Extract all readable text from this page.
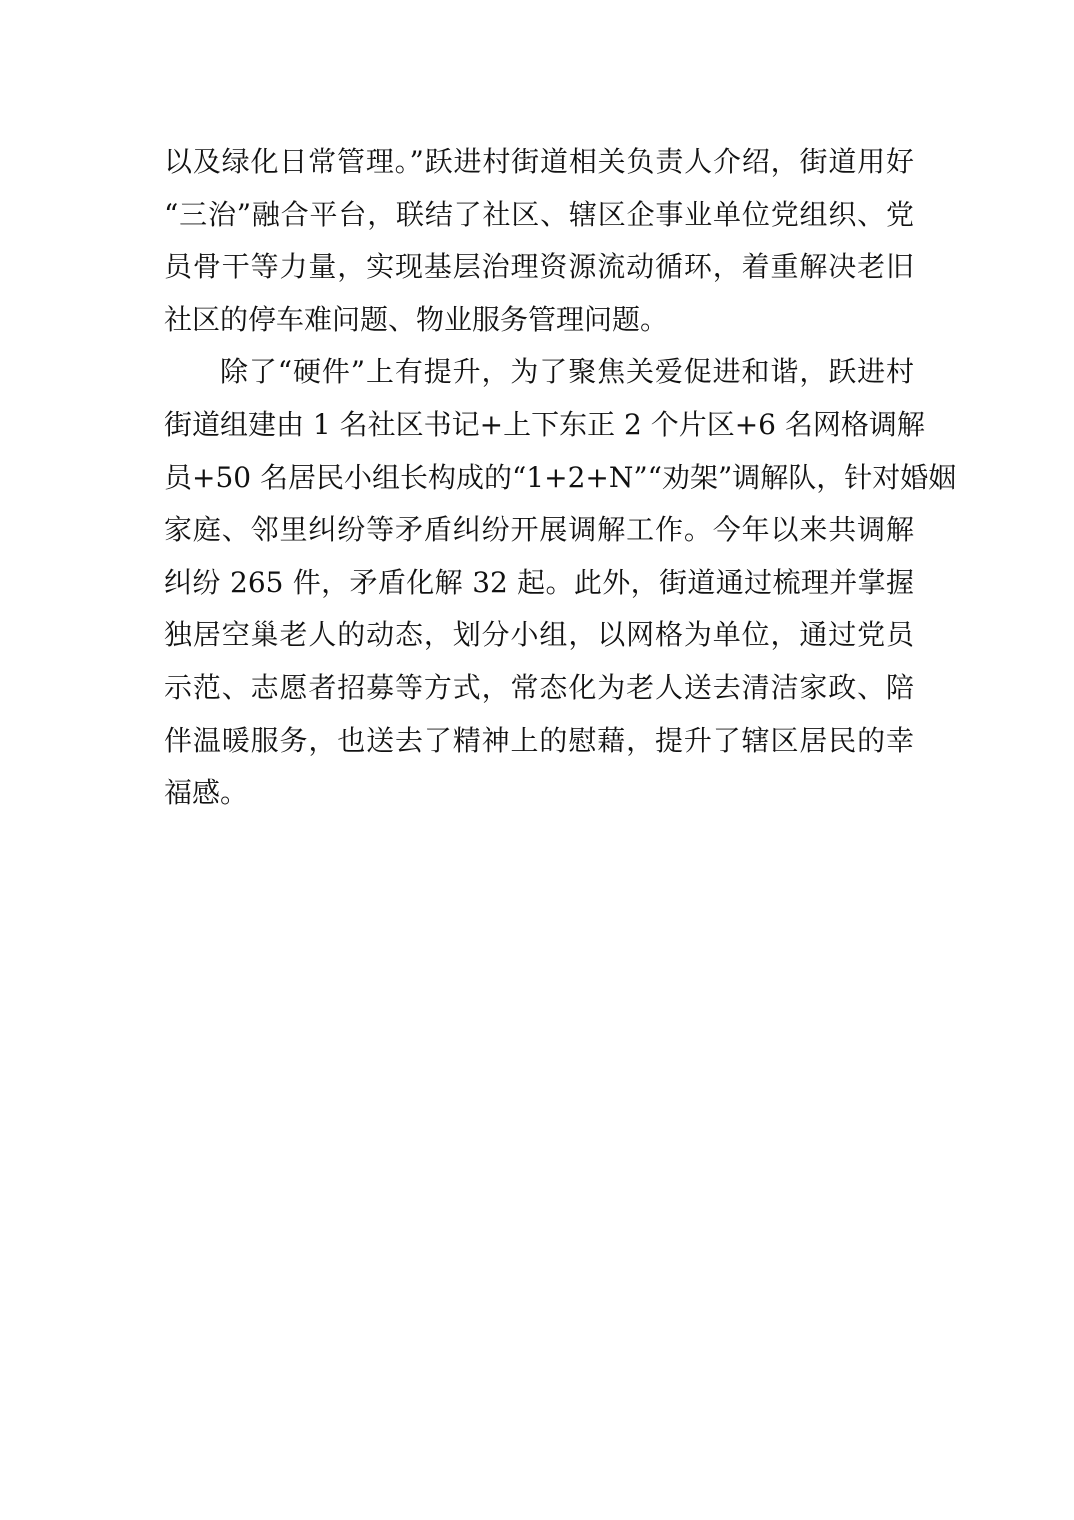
以及绿化日常管理。”跃进村街道相关负责人介绍，街道用好
“三治”融合平台，联结了社区、辖区企事业单位党组织、党
员骨干等力量，实现基层治理资源流动循环，着重解决老旧
社区的停车难问题、物业服务管理问题。
除了“硬件”上有提升，为了聚焦关爱促进和谐，跃进村
街道组建由 1 名社区书记+上下东正 2 个片区+6 名网格调解
员+50 名居民小组长构成的“1+2+N”“劝架”调解队，针对婚姻
家庭、邻里纠纷等矛盾纠纷开展调解工作。今年以来共调解
纠纷 265 件，矛盾化解 32 起。此外，街道通过梳理并掌握
独居空巢老人的动态，划分小组，以网格为单位，通过党员
示范、志愿者招募等方式，常态化为老人送去清洁家政、陪
伴温暖服务，也送去了精神上的慰藉，提升了辖区居民的幸
福感。
